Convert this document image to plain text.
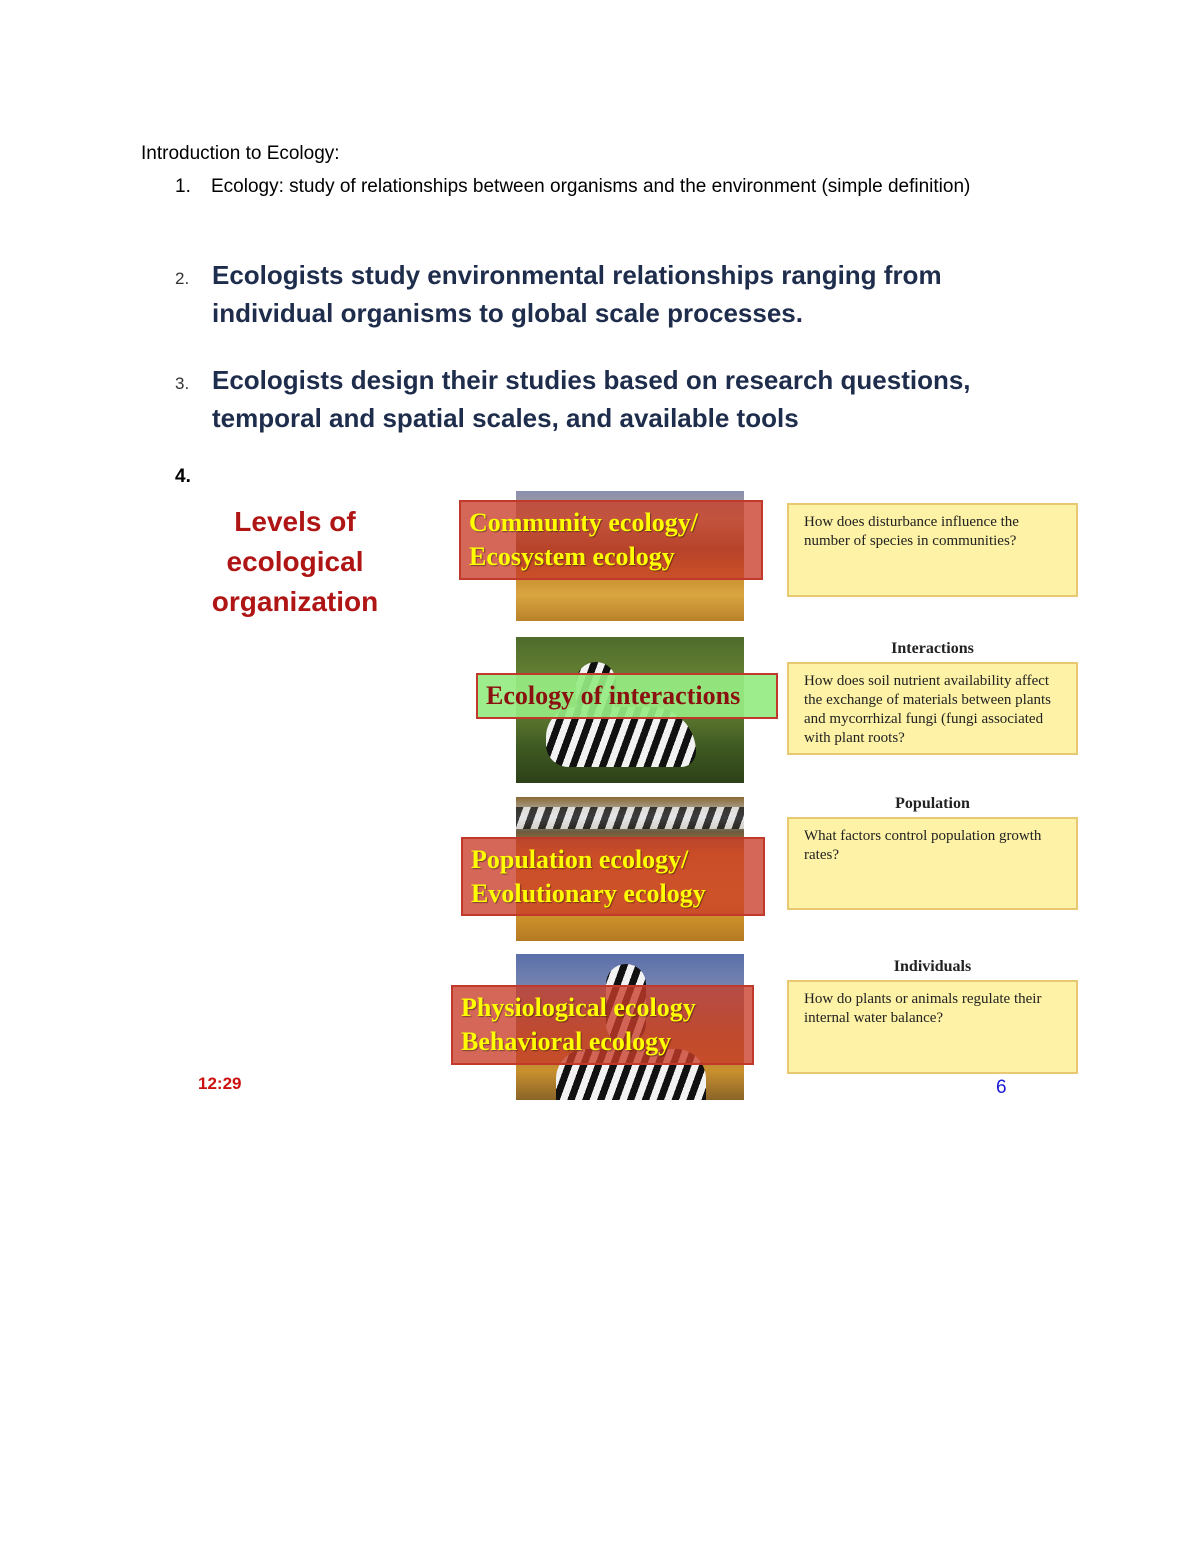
Introduction to Ecology:
1. Ecology: study of relationships between organisms and the environment (simple definition)
2. Ecologists study environmental relationships ranging from individual organisms to global scale processes.
3. Ecologists design their studies based on research questions, temporal and spatial scales, and available tools
4.
Levels of ecological organization
Community ecology/ Ecosystem ecology
Ecology of interactions
Population ecology/ Evolutionary ecology
Physiological ecology Behavioral ecology
How does disturbance influence the number of species in communities?
Interactions
How does soil nutrient availability affect the exchange of materials between plants and mycorrhizal fungi (fungi associated with plant roots?
Population
What factors control population growth rates?
Individuals
How do plants or animals regulate their internal water balance?
12:29	6
